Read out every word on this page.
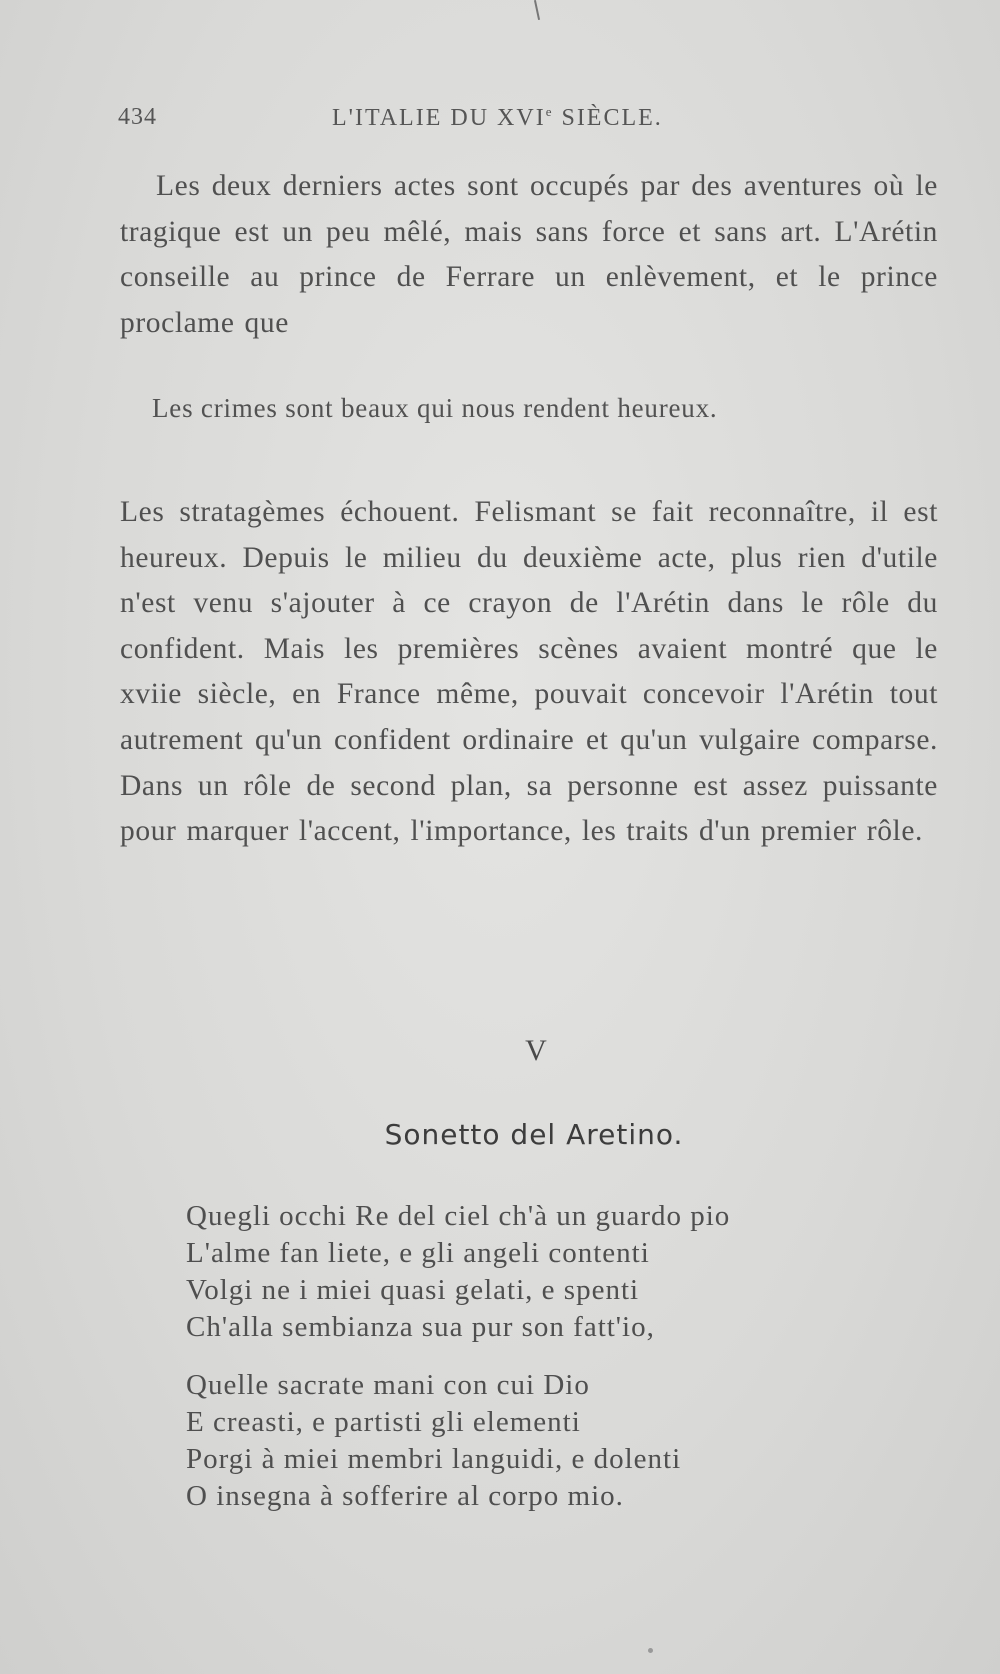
434	L'ITALIE DU XVIe SIÈCLE.

Les deux derniers actes sont occupés par des aventures où le tragique est un peu mêlé, mais sans force et sans art. L'Arétin conseille au prince de Ferrare un enlèvement, et le prince proclame que

Les crimes sont beaux qui nous rendent heureux.

Les stratagèmes échouent. Felismant se fait reconnaître, il est heureux. Depuis le milieu du deuxième acte, plus rien d'utile n'est venu s'ajouter à ce crayon de l'Arétin dans le rôle du confident. Mais les premières scènes avaient montré que le xviie siècle, en France même, pouvait concevoir l'Arétin tout autrement qu'un confident ordinaire et qu'un vulgaire comparse. Dans un rôle de second plan, sa personne est assez puissante pour marquer l'accent, l'importance, les traits d'un premier rôle.

V
Sonetto del Aretino.
Quegli occhi Re del ciel ch'à un guardo pio
L'alme fan liete, e gli angeli contenti
Volgi ne i miei quasi gelati, e spenti
Ch'alla sembianza sua pur son fatt'io,
Quelle sacrate mani con cui Dio
E creasti, e partisti gli elementi
Porgi à miei membri languidi, e dolenti
O insegna à sofferire al corpo mio.
